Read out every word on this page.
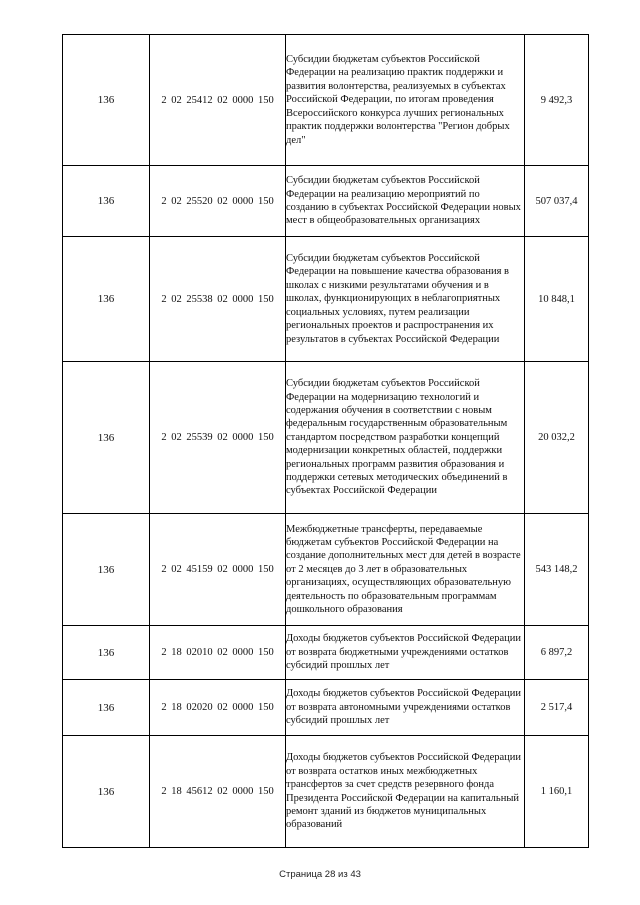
136	2 02 25412 02 0000 150	Субсидии бюджетам субъектов Российской Федерации на реализацию практик поддержки и развития волонтерства, реализуемых в субъектах Российской Федерации, по итогам проведения Всероссийского конкурса лучших региональных практик поддержки волонтерства "Регион добрых дел"	9 492,3
136	2 02 25520 02 0000 150	Субсидии бюджетам субъектов Российской Федерации на реализацию мероприятий по созданию в субъектах Российской Федерации новых мест в общеобразовательных организациях	507 037,4
136	2 02 25538 02 0000 150	Субсидии бюджетам субъектов Российской Федерации на повышение качества образования в школах с низкими результатами обучения и в школах, функционирующих в неблагоприятных социальных условиях, путем реализации региональных проектов и распространения их результатов в субъектах Российской Федерации	10 848,1
136	2 02 25539 02 0000 150	Субсидии бюджетам субъектов Российской Федерации на модернизацию технологий и содержания обучения в соответствии с новым федеральным государственным образовательным стандартом посредством разработки концепций модернизации конкретных областей, поддержки региональных программ развития образования и поддержки сетевых методических объединений в субъектах Российской Федерации	20 032,2
136	2 02 45159 02 0000 150	Межбюджетные трансферты, передаваемые бюджетам субъектов Российской Федерации на создание дополнительных мест для детей в возрасте от 2 месяцев до 3 лет в образовательных организациях, осуществляющих образовательную деятельность по образовательным программам дошкольного образования	543 148,2
136	2 18 02010 02 0000 150	Доходы бюджетов субъектов Российской Федерации от возврата бюджетными учреждениями остатков субсидий прошлых лет	6 897,2
136	2 18 02020 02 0000 150	Доходы бюджетов субъектов Российской Федерации от возврата автономными учреждениями остатков субсидий прошлых лет	2 517,4
136	2 18 45612 02 0000 150	Доходы бюджетов субъектов Российской Федерации от возврата остатков иных межбюджетных трансфертов за счет средств резервного фонда Президента Российской Федерации на капитальный ремонт зданий из бюджетов муниципальных образований	1 160,1
Страница 28 из 43
